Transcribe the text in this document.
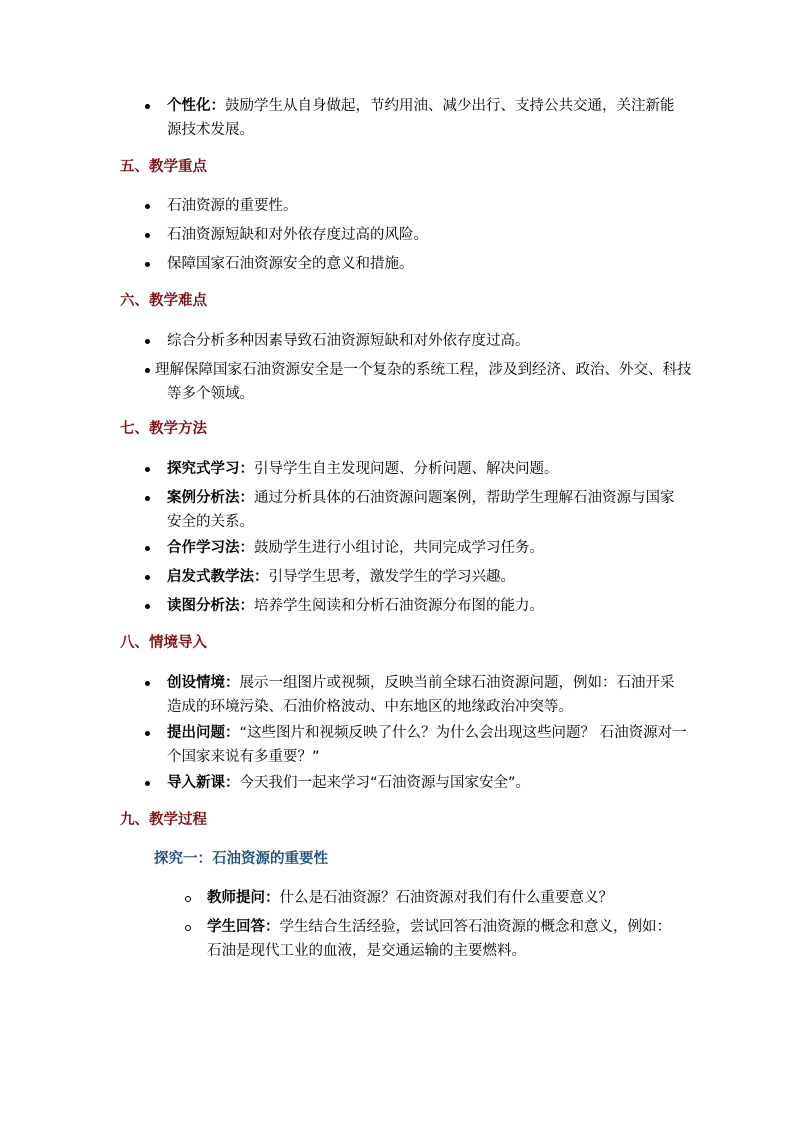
个性化：鼓励学生从自身做起，节约用油、减少出行、支持公共交通，关注新能源技术发展。
五、教学重点
石油资源的重要性。
石油资源短缺和对外依存度过高的风险。
保障国家石油资源安全的意义和措施。
六、教学难点
综合分析多种因素导致石油资源短缺和对外依存度过高。
理解保障国家石油资源安全是一个复杂的系统工程，涉及到经济、政治、外交、科技等多个领域。
七、教学方法
探究式学习：引导学生自主发现问题、分析问题、解决问题。
案例分析法：通过分析具体的石油资源问题案例，帮助学生理解石油资源与国家安全的关系。
合作学习法：鼓励学生进行小组讨论，共同完成学习任务。
启发式教学法：引导学生思考，激发学生的学习兴趣。
读图分析法：培养学生阅读和分析石油资源分布图的能力。
八、情境导入
创设情境：展示一组图片或视频，反映当前全球石油资源问题，例如：石油开采造成的环境污染、石油价格波动、中东地区的地缘政治冲突等。
提出问题：“这些图片和视频反映了什么？为什么会出现这些问题？ 石油资源对一个国家来说有多重要？”
导入新课：今天我们一起来学习“石油资源与国家安全”。
九、教学过程
探究一：石油资源的重要性
教师提问：什么是石油资源？石油资源对我们有什么重要意义？
学生回答：学生结合生活经验，尝试回答石油资源的概念和意义，例如：石油是现代工业的血液，是交通运输的主要燃料。
